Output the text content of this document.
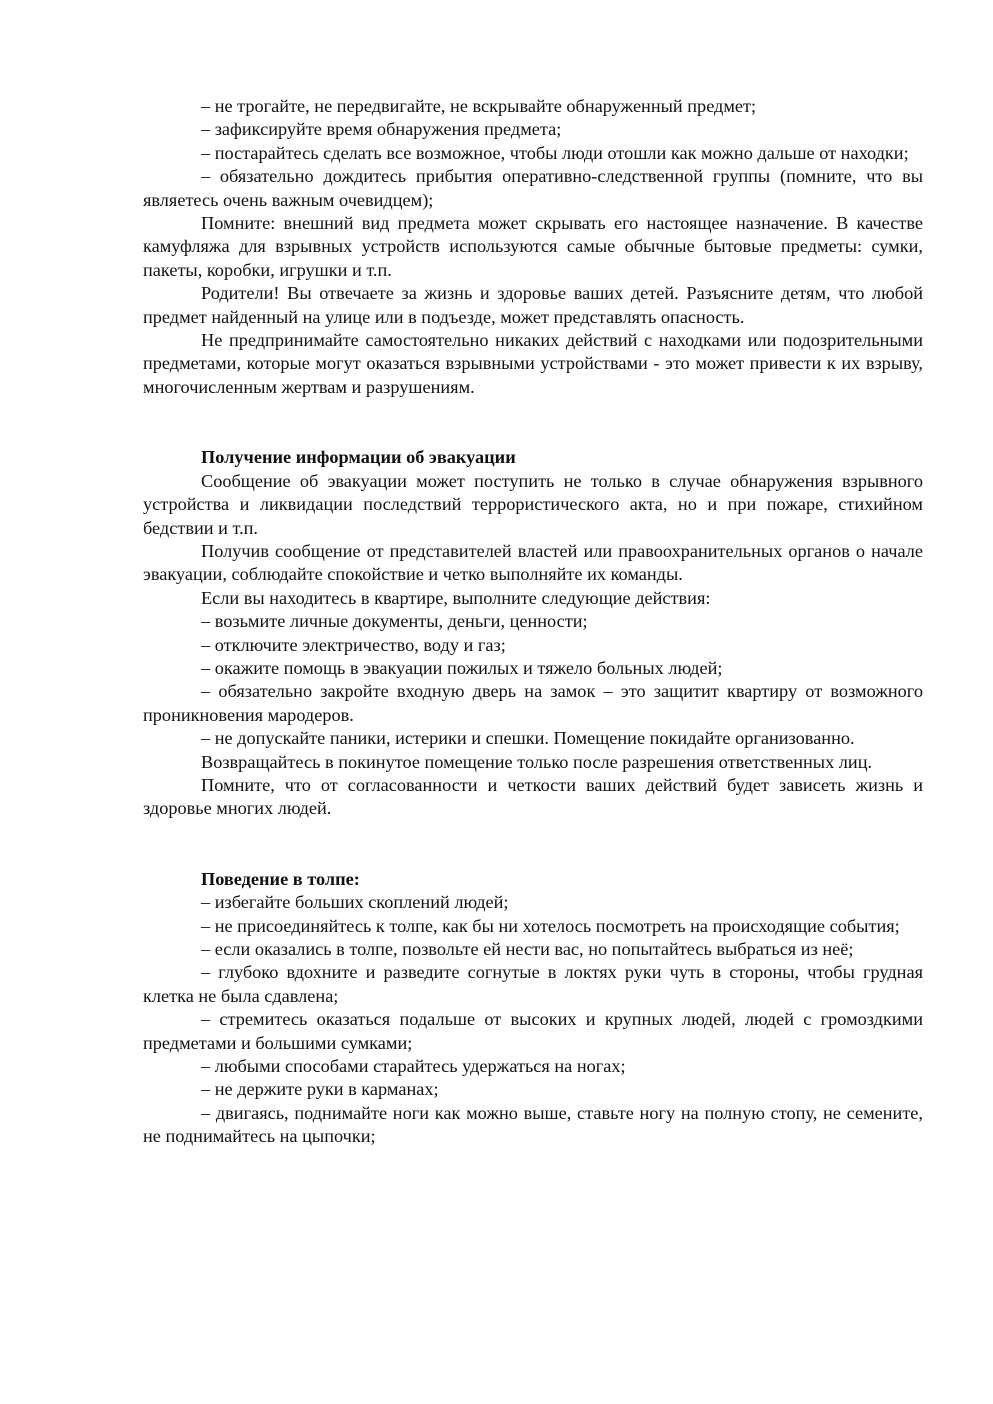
– не трогайте, не передвигайте, не вскрывайте обнаруженный предмет;

– зафиксируйте время обнаружения предмета;

– постарайтесь сделать все возможное, чтобы люди отошли как можно дальше от находки;

– обязательно дождитесь прибытия оперативно-следственной группы (помните, что вы являетесь очень важным очевидцем);

Помните: внешний вид предмета может скрывать его настоящее назначение. В качестве камуфляжа для взрывных устройств используются самые обычные бытовые предметы: сумки, пакеты, коробки, игрушки и т.п.

Родители! Вы отвечаете за жизнь и здоровье ваших детей. Разъясните детям, что любой предмет найденный на улице или в подъезде, может представлять опасность.

Не предпринимайте самостоятельно никаких действий с находками или подозрительными предметами, которые могут оказаться взрывными устройствами - это может привести к их взрыву, многочисленным жертвам и разрушениям.

Получение информации об эвакуации

Сообщение об эвакуации может поступить не только в случае обнаружения взрывного устройства и ликвидации последствий террористического акта, но и при пожаре, стихийном бедствии и т.п.

Получив сообщение от представителей властей или правоохранительных органов о начале эвакуации, соблюдайте спокойствие и четко выполняйте их команды.

Если вы находитесь в квартире, выполните следующие действия:

– возьмите личные документы, деньги, ценности;

– отключите электричество, воду и газ;

– окажите помощь в эвакуации пожилых и тяжело больных людей;

– обязательно закройте входную дверь на замок – это защитит квартиру от возможного проникновения мародеров.

– не допускайте паники, истерики и спешки. Помещение покидайте организованно.

Возвращайтесь в покинутое помещение только после разрешения ответственных лиц.

Помните, что от согласованности и четкости ваших действий будет зависеть жизнь и здоровье многих людей.

Поведение в толпе:

– избегайте больших скоплений людей;

– не присоединяйтесь к толпе, как бы ни хотелось посмотреть на происходящие события;

– если оказались в толпе, позвольте ей нести вас, но попытайтесь выбраться из неё;

– глубоко вдохните и разведите согнутые в локтях руки чуть в стороны, чтобы грудная клетка не была сдавлена;

– стремитесь оказаться подальше от высоких и крупных людей, людей с громоздкими предметами и большими сумками;

– любыми способами старайтесь удержаться на ногах;

– не держите руки в карманах;

– двигаясь, поднимайте ноги как можно выше, ставьте ногу на полную стопу, не семените, не поднимайтесь на цыпочки;
